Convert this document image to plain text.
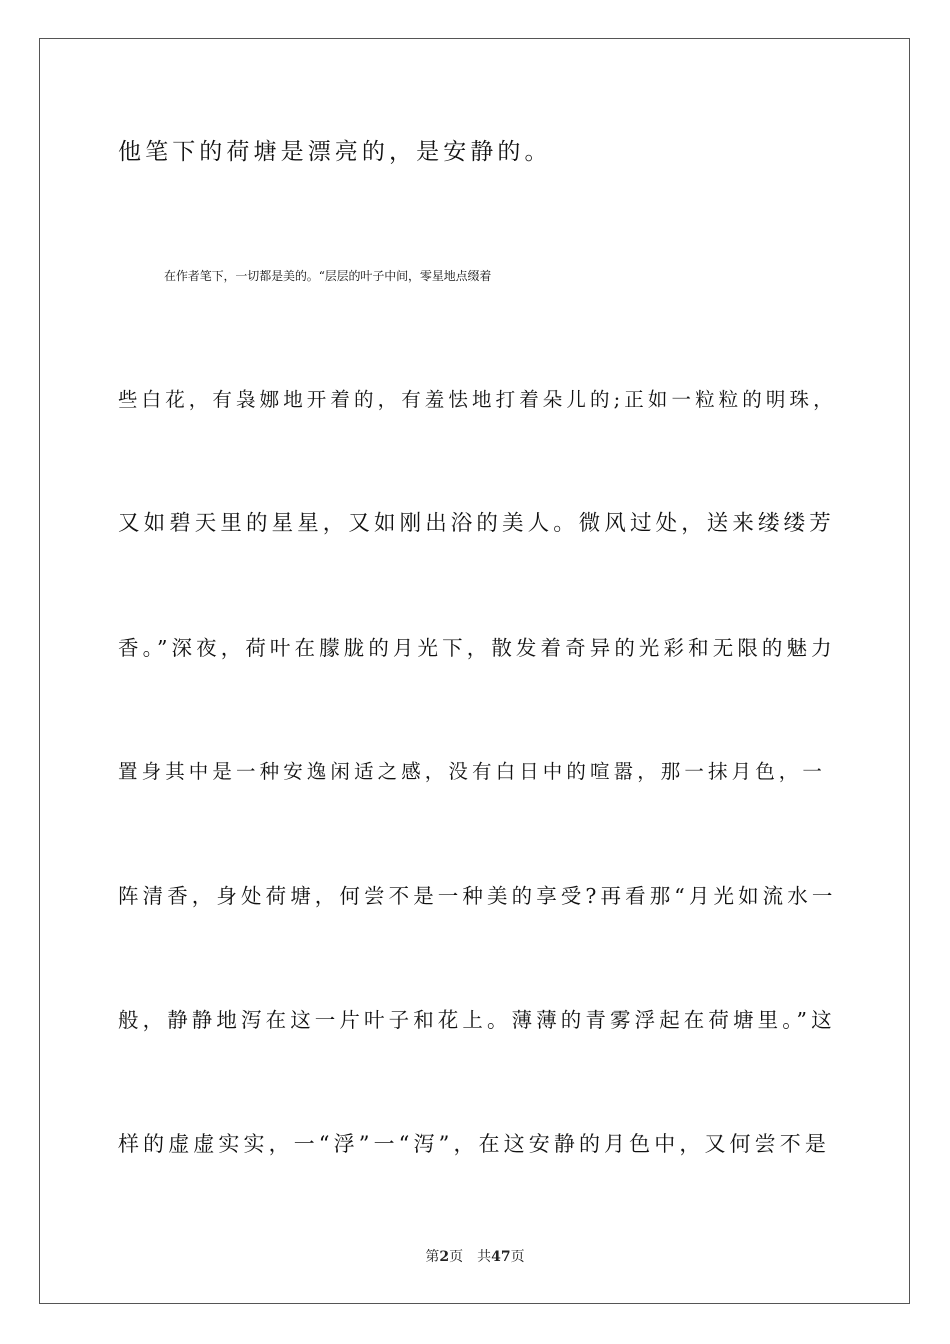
他笔下的荷塘是漂亮的，是安静的。
在作者笔下，一切都是美的。“层层的叶子中间，零星地点缀着
些白花，有袅娜地开着的，有羞怯地打着朵儿的;正如一粒粒的明珠，
又如碧天里的星星，又如刚出浴的美人。微风过处，送来缕缕芳
香。”深夜，荷叶在朦胧的月光下，散发着奇异的光彩和无限的魅力
置身其中是一种安逸闲适之感，没有白日中的喧嚣，那一抹月色，一
阵清香，身处荷塘，何尝不是一种美的享受?再看那“月光如流水一
般，静静地泻在这一片叶子和花上。薄薄的青雾浮起在荷塘里。”这
样的虚虚实实，一“浮”一“泻”，在这安静的月色中，又何尝不是
第2页 共47页
